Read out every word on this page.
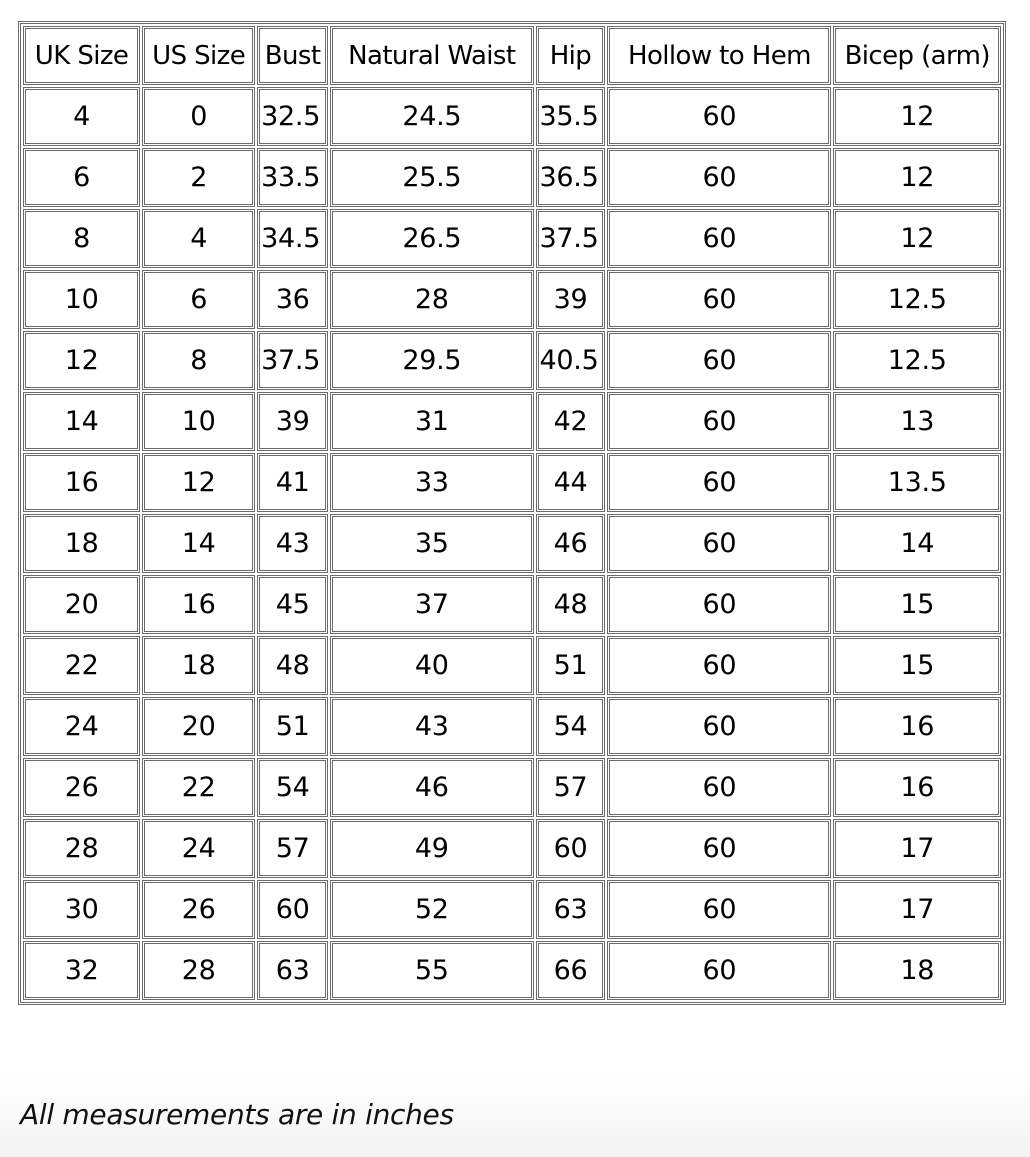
UK Size	US Size	Bust	Natural Waist	Hip	Hollow to Hem	Bicep (arm)
4	0	32.5	24.5	35.5	60	12
6	2	33.5	25.5	36.5	60	12
8	4	34.5	26.5	37.5	60	12
10	6	36	28	39	60	12.5
12	8	37.5	29.5	40.5	60	12.5
14	10	39	31	42	60	13
16	12	41	33	44	60	13.5
18	14	43	35	46	60	14
20	16	45	37	48	60	15
22	18	48	40	51	60	15
24	20	51	43	54	60	16
26	22	54	46	57	60	16
28	24	57	49	60	60	17
30	26	60	52	63	60	17
32	28	63	55	66	60	18
All measurements are in inches
